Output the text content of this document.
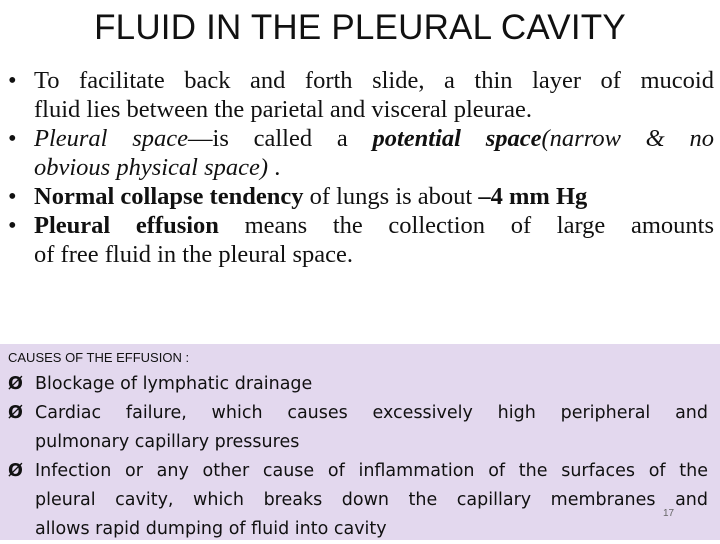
FLUID IN THE PLEURAL CAVITY
• To facilitate back and forth slide, a thin layer of mucoid
fluid lies between the parietal and visceral pleurae.
• Pleural space—is called a potential space(narrow & no
obvious physical space) .
• Normal collapse tendency of lungs is about –4 mm Hg
• Pleural effusion means the collection of large amounts
of free fluid in the pleural space.
CAUSES OF THE EFFUSION :
Ø Blockage of lymphatic drainage
Ø Cardiac failure, which causes excessively high peripheral and
pulmonary capillary pressures
Ø Infection or any other cause of inflammation of the surfaces of the
pleural cavity, which breaks down the capillary membranes and
allows rapid dumping of fluid into cavity
17
